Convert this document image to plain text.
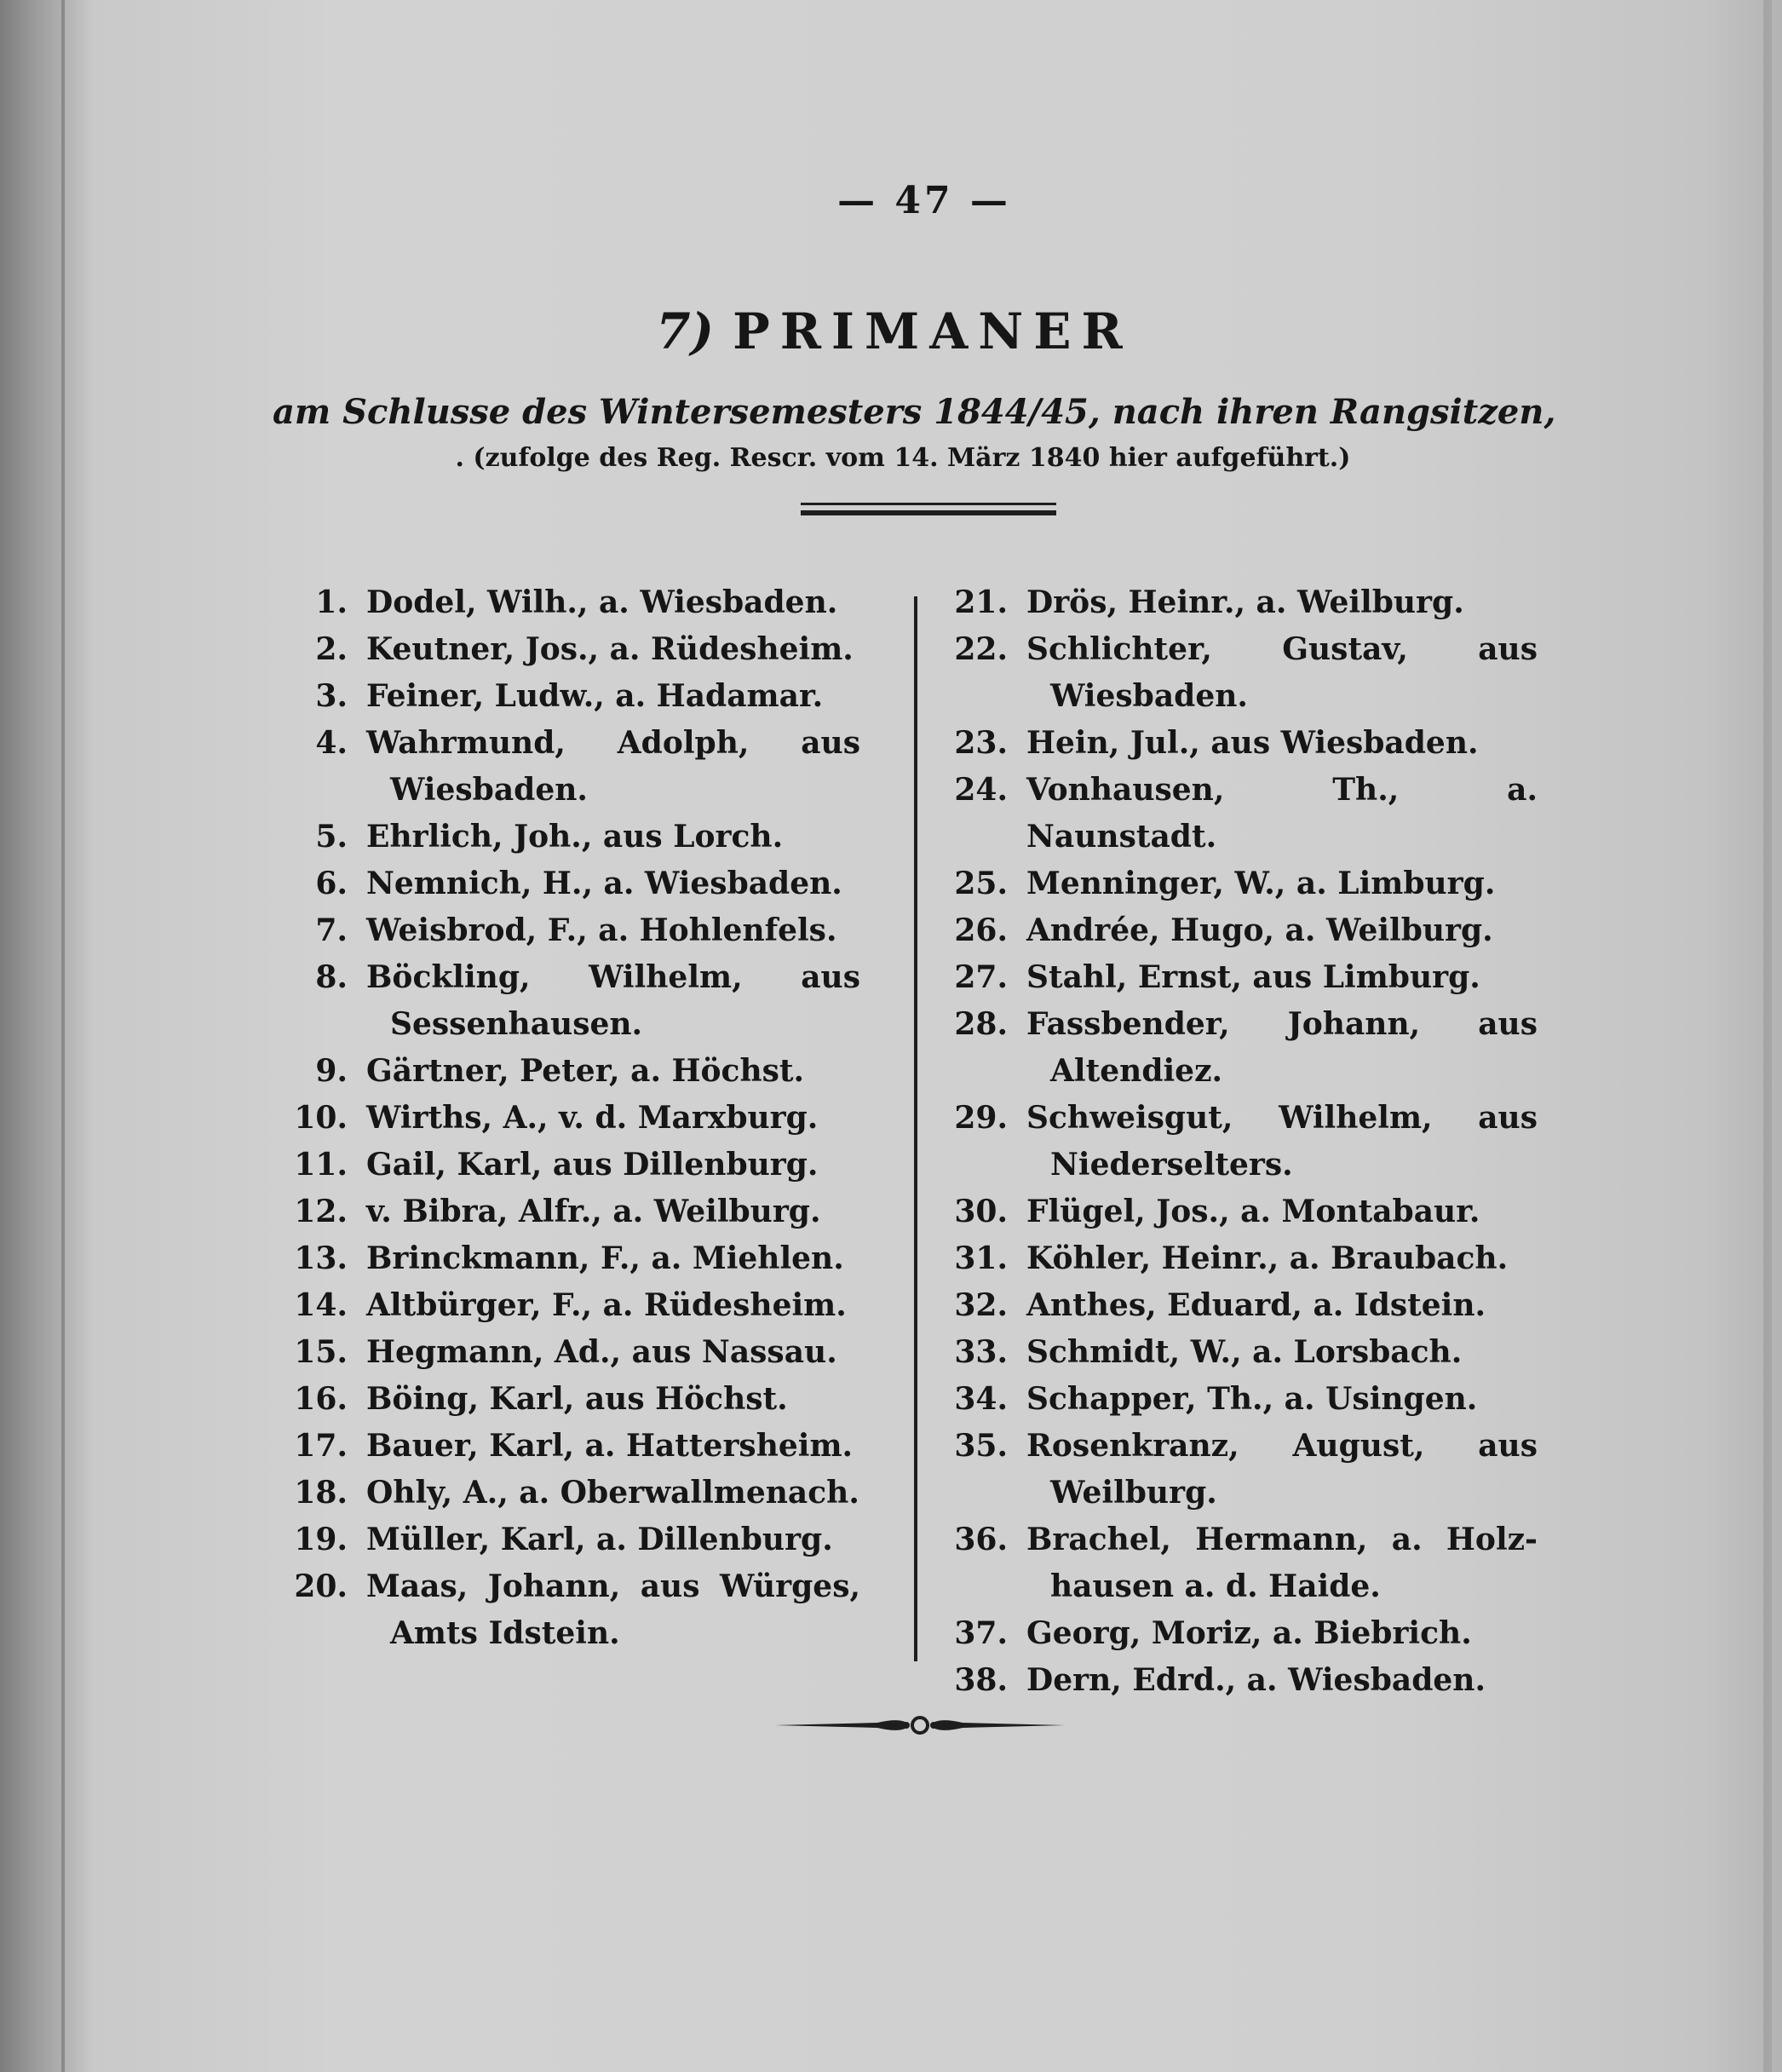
— 47 —
7) PRIMANER
am Schlusse des Wintersemesters 1844/45, nach ihren Rangsitzen,
. (zufolge des Reg. Rescr. vom 14. März 1840 hier aufgeführt.)
1. Dodel, Wilh., a. Wiesbaden.
2. Keutner, Jos., a. Rüdesheim.
3. Feiner, Ludw., a. Hadamar.
4. Wahrmund, Adolph, aus
Wiesbaden.
5. Ehrlich, Joh., aus Lorch.
6. Nemnich, H., a. Wiesbaden.
7. Weisbrod, F., a. Hohlenfels.
8. Böckling, Wilhelm, aus
Sessenhausen.
9. Gärtner, Peter, a. Höchst.
10. Wirths, A., v. d. Marxburg.
11. Gail, Karl, aus Dillenburg.
12. v. Bibra, Alfr., a. Weilburg.
13. Brinckmann, F., a. Miehlen.
14. Altbürger, F., a. Rüdesheim.
15. Hegmann, Ad., aus Nassau.
16. Böing, Karl, aus Höchst.
17. Bauer, Karl, a. Hattersheim.
18. Ohly, A., a. Oberwallmenach.
19. Müller, Karl, a. Dillenburg.
20. Maas, Johann, aus Würges,
Amts Idstein.
21. Drös, Heinr., a. Weilburg.
22. Schlichter, Gustav, aus
Wiesbaden.
23. Hein, Jul., aus Wiesbaden.
24. Vonhausen, Th., a. Naunstadt.
25. Menninger, W., a. Limburg.
26. Andrée, Hugo, a. Weilburg.
27. Stahl, Ernst, aus Limburg.
28. Fassbender, Johann, aus
Altendiez.
29. Schweisgut, Wilhelm, aus
Niederselters.
30. Flügel, Jos., a. Montabaur.
31. Köhler, Heinr., a. Braubach.
32. Anthes, Eduard, a. Idstein.
33. Schmidt, W., a. Lorsbach.
34. Schapper, Th., a. Usingen.
35. Rosenkranz, August, aus
Weilburg.
36. Brachel, Hermann, a. Holz-
hausen a. d. Haide.
37. Georg, Moriz, a. Biebrich.
38. Dern, Edrd., a. Wiesbaden.
